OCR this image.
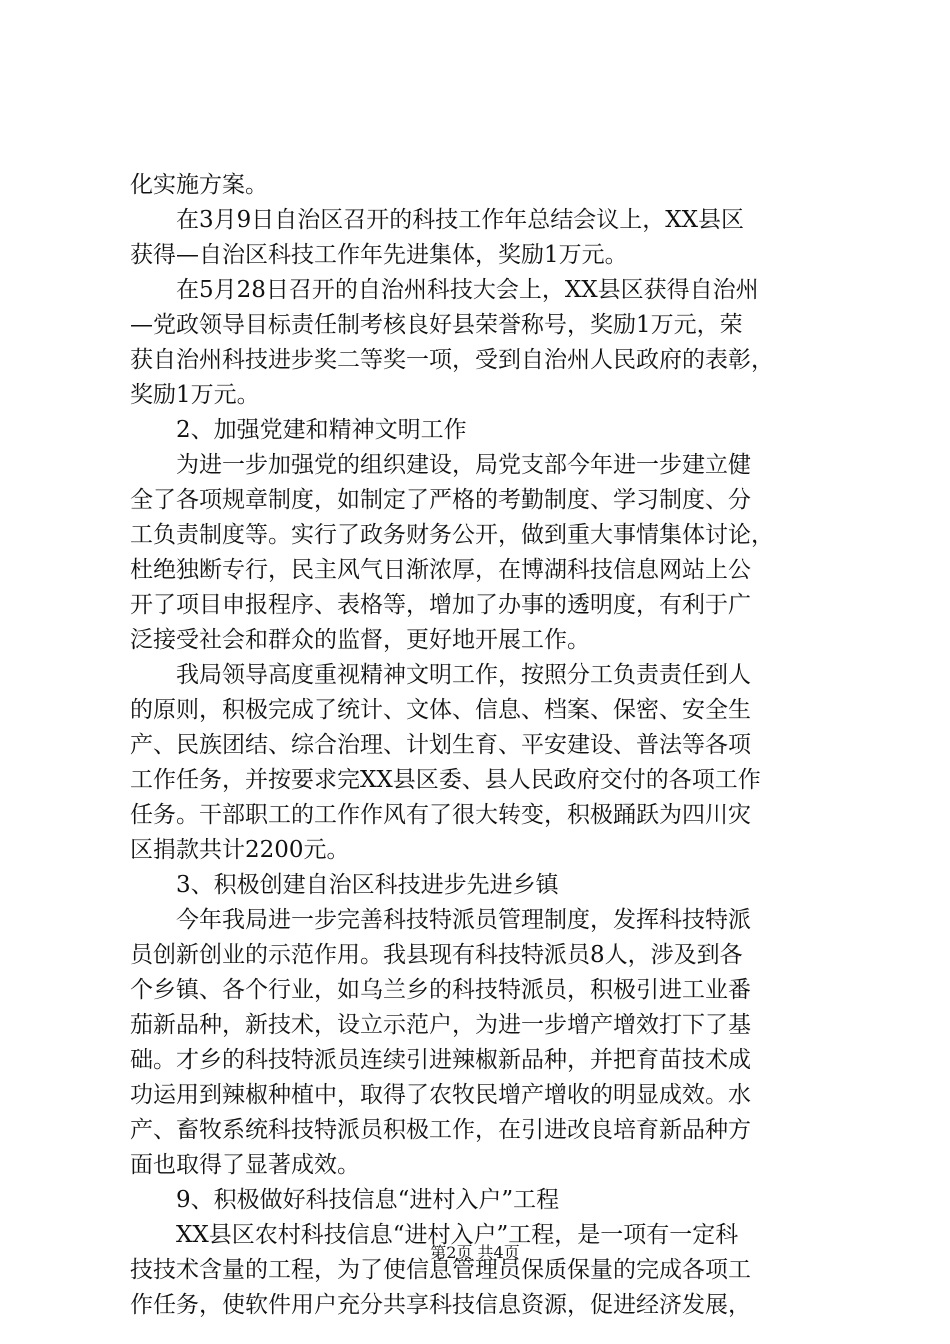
化实施方案。
　　在3月9日自治区召开的科技工作年总结会议上，XX县区
获得—自治区科技工作年先进集体，奖励1万元。
　　在5月28日召开的自治州科技大会上，XX县区获得自治州
—党政领导目标责任制考核良好县荣誉称号，奖励1万元，荣
获自治州科技进步奖二等奖一项，受到自治州人民政府的表彰，
奖励1万元。
　　2、加强党建和精神文明工作
　　为进一步加强党的组织建设，局党支部今年进一步建立健
全了各项规章制度，如制定了严格的考勤制度、学习制度、分
工负责制度等。实行了政务财务公开，做到重大事情集体讨论，
杜绝独断专行，民主风气日渐浓厚，在博湖科技信息网站上公
开了项目申报程序、表格等，增加了办事的透明度，有利于广
泛接受社会和群众的监督，更好地开展工作。
　　我局领导高度重视精神文明工作，按照分工负责责任到人
的原则，积极完成了统计、文体、信息、档案、保密、安全生
产、民族团结、综合治理、计划生育、平安建设、普法等各项
工作任务，并按要求完XX县区委、县人民政府交付的各项工作
任务。干部职工的工作作风有了很大转变，积极踊跃为四川灾
区捐款共计2200元。
　　3、积极创建自治区科技进步先进乡镇
　　今年我局进一步完善科技特派员管理制度，发挥科技特派
员创新创业的示范作用。我县现有科技特派员8人，涉及到各
个乡镇、各个行业，如乌兰乡的科技特派员，积极引进工业番
茄新品种，新技术，设立示范户，为进一步增产增效打下了基
础。才乡的科技特派员连续引进辣椒新品种，并把育苗技术成
功运用到辣椒种植中，取得了农牧民增产增收的明显成效。水
产、畜牧系统科技特派员积极工作，在引进改良培育新品种方
面也取得了显著成效。
　　9、积极做好科技信息“进村入户”工程
　　XX县区农村科技信息“进村入户”工程，是一项有一定科
技技术含量的工程，为了使信息管理员保质保量的完成各项工
作任务，使软件用户充分共享科技信息资源，促进经济发展，
第2页 共4页
